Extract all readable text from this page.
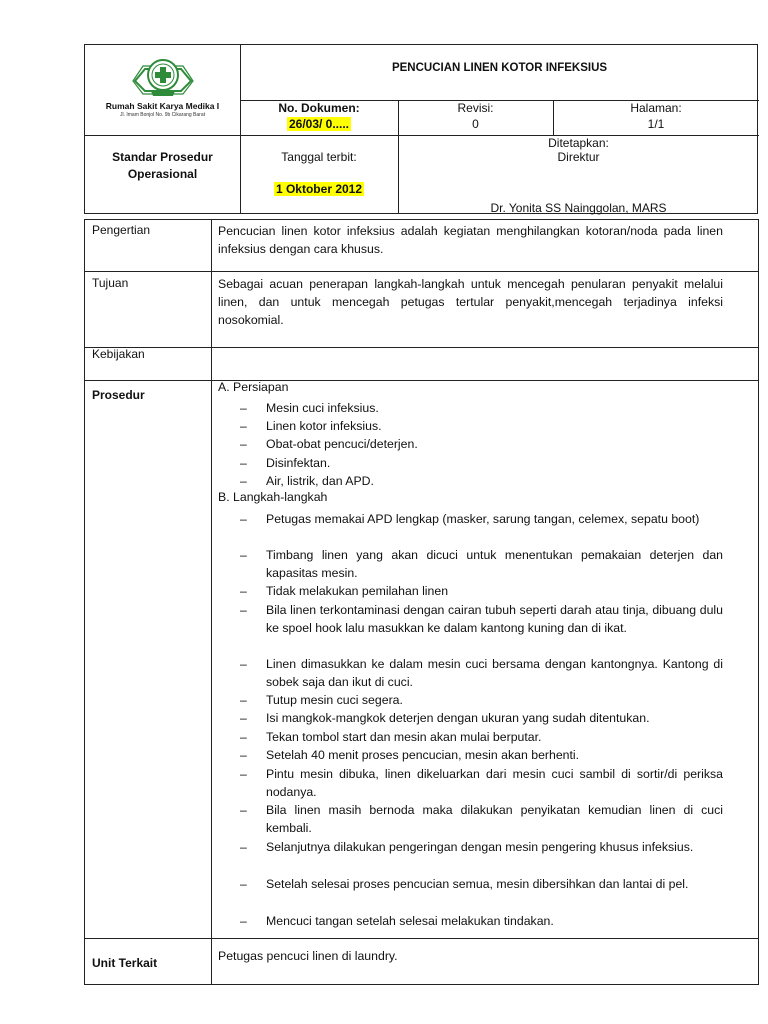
Rumah Sakit Karya Medika I
Jl. Imam Bonjol No. 9b Cikarang Barat
PENCUCIAN LINEN KOTOR INFEKSIUS
No. Dokumen:
26/03/ 0.....
Revisi:
0
Halaman:
1/1
Standar Prosedur Operasional
Tanggal terbit:
1 Oktober 2012
Ditetapkan:
Direktur
Dr. Yonita SS Nainggolan, MARS
Pengertian	Pencucian linen kotor infeksius adalah kegiatan menghilangkan kotoran/noda pada linen infeksius dengan cara khusus.
Tujuan	Sebagai acuan penerapan langkah-langkah untuk mencegah penularan penyakit melalui linen, dan untuk mencegah petugas tertular penyakit,mencegah terjadinya infeksi nosokomial.
Kebijakan
Prosedur
A. Persiapan
– Mesin cuci infeksius.
– Linen kotor infeksius.
– Obat-obat pencuci/deterjen.
– Disinfektan.
– Air, listrik, dan APD.
B. Langkah-langkah
– Petugas memakai APD lengkap (masker, sarung tangan, celemex, sepatu boot)
– Timbang linen yang akan dicuci untuk menentukan pemakaian deterjen dan kapasitas mesin.
– Tidak melakukan pemilahan linen
– Bila linen terkontaminasi dengan cairan tubuh seperti darah atau tinja, dibuang dulu ke spoel hook lalu masukkan ke dalam kantong kuning dan di ikat.
– Linen dimasukkan ke dalam mesin cuci bersama dengan kantongnya. Kantong di sobek saja dan ikut di cuci.
– Tutup mesin cuci segera.
– Isi mangkok-mangkok deterjen dengan ukuran yang sudah ditentukan.
– Tekan tombol start dan mesin akan mulai berputar.
– Setelah 40 menit proses pencucian, mesin akan berhenti.
– Pintu mesin dibuka, linen dikeluarkan dari mesin cuci sambil di sortir/di periksa nodanya.
– Bila linen masih bernoda maka dilakukan penyikatan kemudian linen di cuci kembali.
– Selanjutnya dilakukan pengeringan dengan mesin pengering khusus infeksius.
– Setelah selesai proses pencucian semua, mesin dibersihkan dan lantai di pel.
– Mencuci tangan setelah selesai melakukan tindakan.
Unit Terkait	Petugas pencuci linen di laundry.
